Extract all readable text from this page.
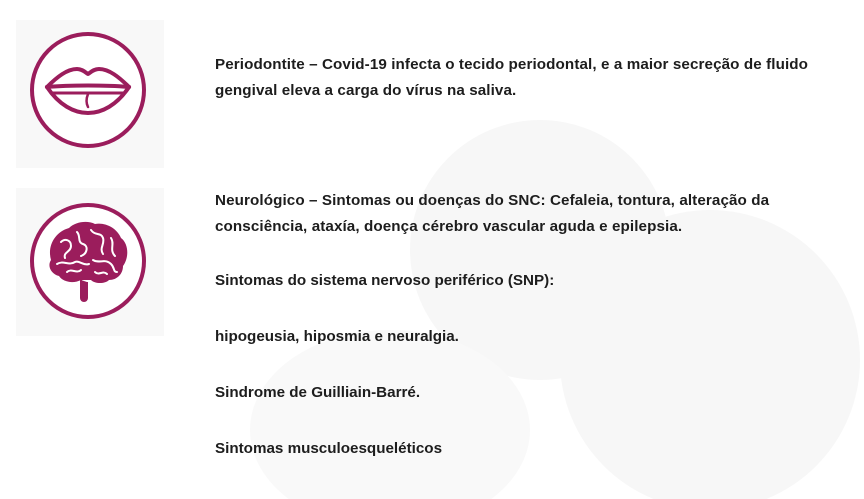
Periodontite – Covid-19 infecta o tecido periodontal, e a maior secreção de fluido gengival eleva a carga do vírus na saliva.
Neurológico – Sintomas ou doenças do SNC: Cefaleia, tontura, alteração da consciência, ataxía, doença cérebro vascular aguda e epilepsia.
Sintomas do sistema nervoso periférico (SNP):
hipogeusia, hiposmia e neuralgia.
Sindrome de Guilliain-Barré.
Sintomas musculoesqueléticos
